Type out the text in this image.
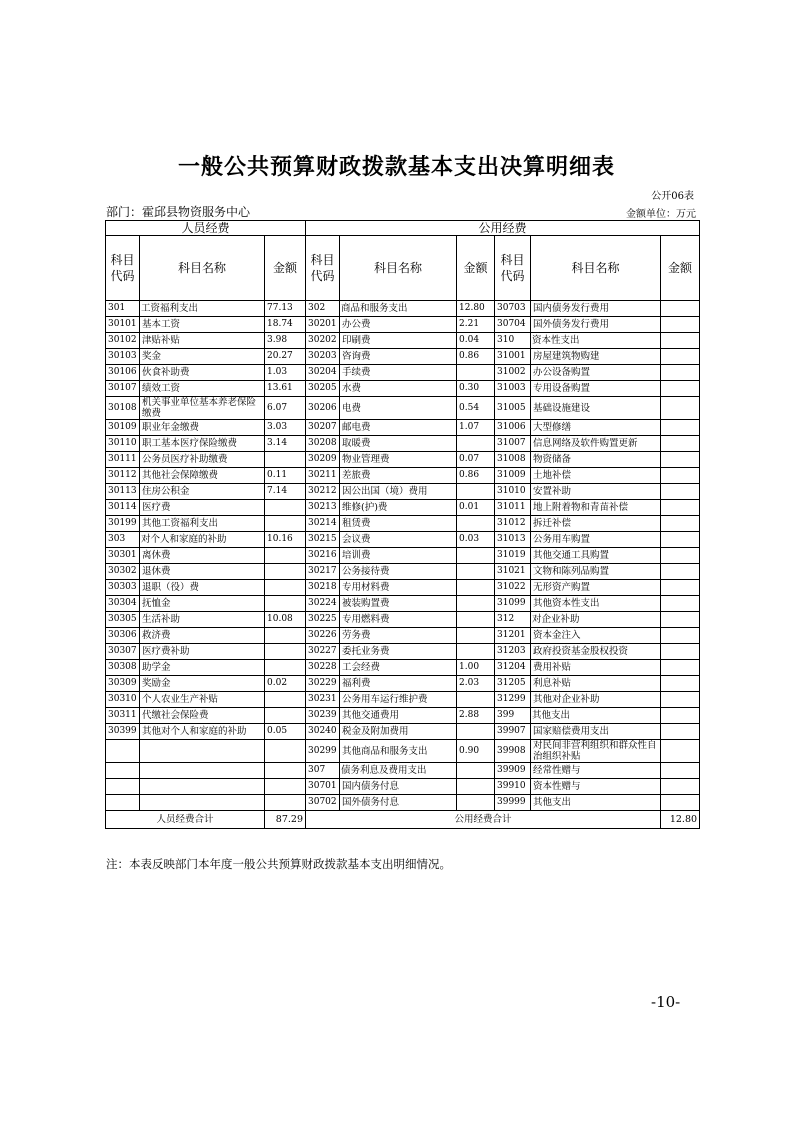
一般公共预算财政拨款基本支出决算明细表
公开06表
部门：霍邱县物资服务中心	金额单位：万元
人员经费			公用经费					
科目代码	科目名称	金额	科目代码	科目名称	金额	科目代码	科目名称	金额
301	工资福利支出	77.13	302	商品和服务支出	12.80	30703	国内债务发行费用	
30101	基本工资	18.74	30201	办公费	2.21	30704	国外债务发行费用	
30102	津贴补贴	3.98	30202	印刷费	0.04	310	资本性支出	
30103	奖金	20.27	30203	咨询费	0.86	31001	房屋建筑物购建	
30106	伙食补助费	1.03	30204	手续费		31002	办公设备购置	
30107	绩效工资	13.61	30205	水费	0.30	31003	专用设备购置	
30108	机关事业单位基本养老保险缴费	6.07	30206	电费	0.54	31005	基础设施建设	
30109	职业年金缴费	3.03	30207	邮电费	1.07	31006	大型修缮	
30110	职工基本医疗保险缴费	3.14	30208	取暖费		31007	信息网络及软件购置更新	
30111	公务员医疗补助缴费		30209	物业管理费	0.07	31008	物资储备	
30112	其他社会保障缴费	0.11	30211	差旅费	0.86	31009	土地补偿	
30113	住房公积金	7.14	30212	因公出国（境）费用		31010	安置补助	
30114	医疗费		30213	维修(护)费	0.01	31011	地上附着物和青苗补偿	
30199	其他工资福利支出		30214	租赁费		31012	拆迁补偿	
303	对个人和家庭的补助	10.16	30215	会议费	0.03	31013	公务用车购置	
30301	离休费		30216	培训费		31019	其他交通工具购置	
30302	退休费		30217	公务接待费		31021	文物和陈列品购置	
30303	退职（役）费		30218	专用材料费		31022	无形资产购置	
30304	抚恤金		30224	被装购置费		31099	其他资本性支出	
30305	生活补助	10.08	30225	专用燃料费		312	对企业补助	
30306	救济费		30226	劳务费		31201	资本金注入	
30307	医疗费补助		30227	委托业务费		31203	政府投资基金股权投资	
30308	助学金		30228	工会经费	1.00	31204	费用补贴	
30309	奖励金	0.02	30229	福利费	2.03	31205	利息补贴	
30310	个人农业生产补贴		30231	公务用车运行维护费		31299	其他对企业补助	
30311	代缴社会保险费		30239	其他交通费用	2.88	399	其他支出	
30399	其他对个人和家庭的补助	0.05	30240	税金及附加费用		39907	国家赔偿费用支出	
			30299	其他商品和服务支出	0.90	39908	对民间非营利组织和群众性自治组织补贴	
			307	债务利息及费用支出		39909	经常性赠与	
			30701	国内债务付息		39910	资本性赠与	
			30702	国外债务付息		39999	其他支出	
人员经费合计		87.29	公用经费合计					12.80
注：本表反映部门本年度一般公共预算财政拨款基本支出明细情况。
-10-
